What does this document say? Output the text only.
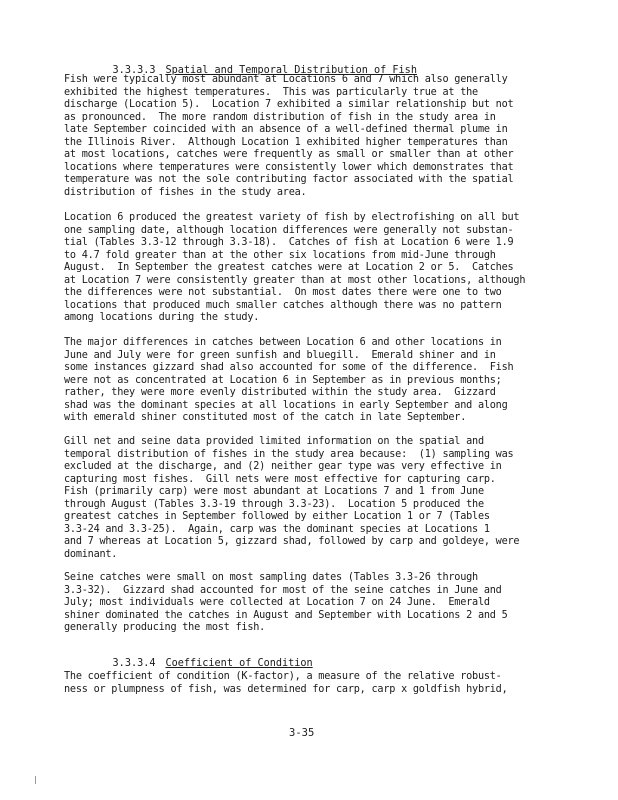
3.3.3.3 Spatial and Temporal Distribution of Fish

Fish were typically most abundant at Locations 6 and 7 which also generally
exhibited the highest temperatures.  This was particularly true at the
discharge (Location 5).  Location 7 exhibited a similar relationship but not
as pronounced.  The more random distribution of fish in the study area in
late September coincided with an absence of a well-defined thermal plume in
the Illinois River.  Although Location 1 exhibited higher temperatures than
at most locations, catches were frequently as small or smaller than at other
locations where temperatures were consistently lower which demonstrates that
temperature was not the sole contributing factor associated with the spatial
distribution of fishes in the study area.
Location 6 produced the greatest variety of fish by electrofishing on all but
one sampling date, although location differences were generally not substan-
tial (Tables 3.3-12 through 3.3-18).  Catches of fish at Location 6 were 1.9
to 4.7 fold greater than at the other six locations from mid-June through
August.  In September the greatest catches were at Location 2 or 5.  Catches
at Location 7 were consistently greater than at most other locations, although
the differences were not substantial.  On most dates there were one to two
locations that produced much smaller catches although there was no pattern
among locations during the study.
The major differences in catches between Location 6 and other locations in
June and July were for green sunfish and bluegill.  Emerald shiner and in
some instances gizzard shad also accounted for some of the difference.  Fish
were not as concentrated at Location 6 in September as in previous months;
rather, they were more evenly distributed within the study area.  Gizzard
shad was the dominant species at all locations in early September and along
with emerald shiner constituted most of the catch in late September.
Gill net and seine data provided limited information on the spatial and
temporal distribution of fishes in the study area because:  (1) sampling was
excluded at the discharge, and (2) neither gear type was very effective in
capturing most fishes.  Gill nets were most effective for capturing carp.
Fish (primarily carp) were most abundant at Locations 7 and 1 from June
through August (Tables 3.3-19 through 3.3-23).  Location 5 produced the
greatest catches in September followed by either Location 1 or 7 (Tables
3.3-24 and 3.3-25).  Again, carp was the dominant species at Locations 1
and 7 whereas at Location 5, gizzard shad, followed by carp and goldeye, were
dominant.
Seine catches were small on most sampling dates (Tables 3.3-26 through
3.3-32).  Gizzard shad accounted for most of the seine catches in June and
July; most individuals were collected at Location 7 on 24 June.  Emerald
shiner dominated the catches in August and September with Locations 2 and 5
generally producing the most fish.

3.3.3.4 Coefficient of Condition

The coefficient of condition (K-factor), a measure of the relative robust-
ness or plumpness of fish, was determined for carp, carp x goldfish hybrid,
3-35
